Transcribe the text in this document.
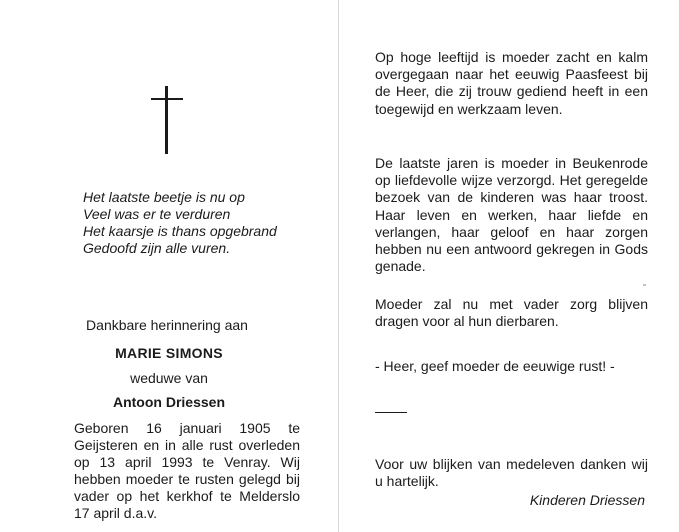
Het laatste beetje is nu op
Veel was er te verduren
Het kaarsje is thans opgebrand
Gedoofd zijn alle vuren.
Dankbare herinnering aan
MARIE SIMONS
weduwe van
Antoon Driessen
Geboren 16 januari 1905 te Geijsteren en in alle rust overleden op 13 april 1993 te Venray. Wij hebben moeder te rusten gelegd bij vader op het kerkhof te Melderslo 17 april d.a.v.
Op hoge leeftijd is moeder zacht en kalm overgegaan naar het eeuwig Paasfeest bij de Heer, die zij trouw gediend heeft in een toegewijd en werkzaam leven.
De laatste jaren is moeder in Beukenrode op liefdevolle wijze verzorgd. Het geregelde bezoek van de kinderen was haar troost. Haar leven en werken, haar liefde en verlangen, haar geloof en haar zorgen hebben nu een antwoord gekregen in Gods genade.
Moeder zal nu met vader zorg blijven dragen voor al hun dierbaren.
- Heer, geef moeder de eeuwige rust! -
Voor uw blijken van medeleven danken wij u hartelijk.
Kinderen Driessen
